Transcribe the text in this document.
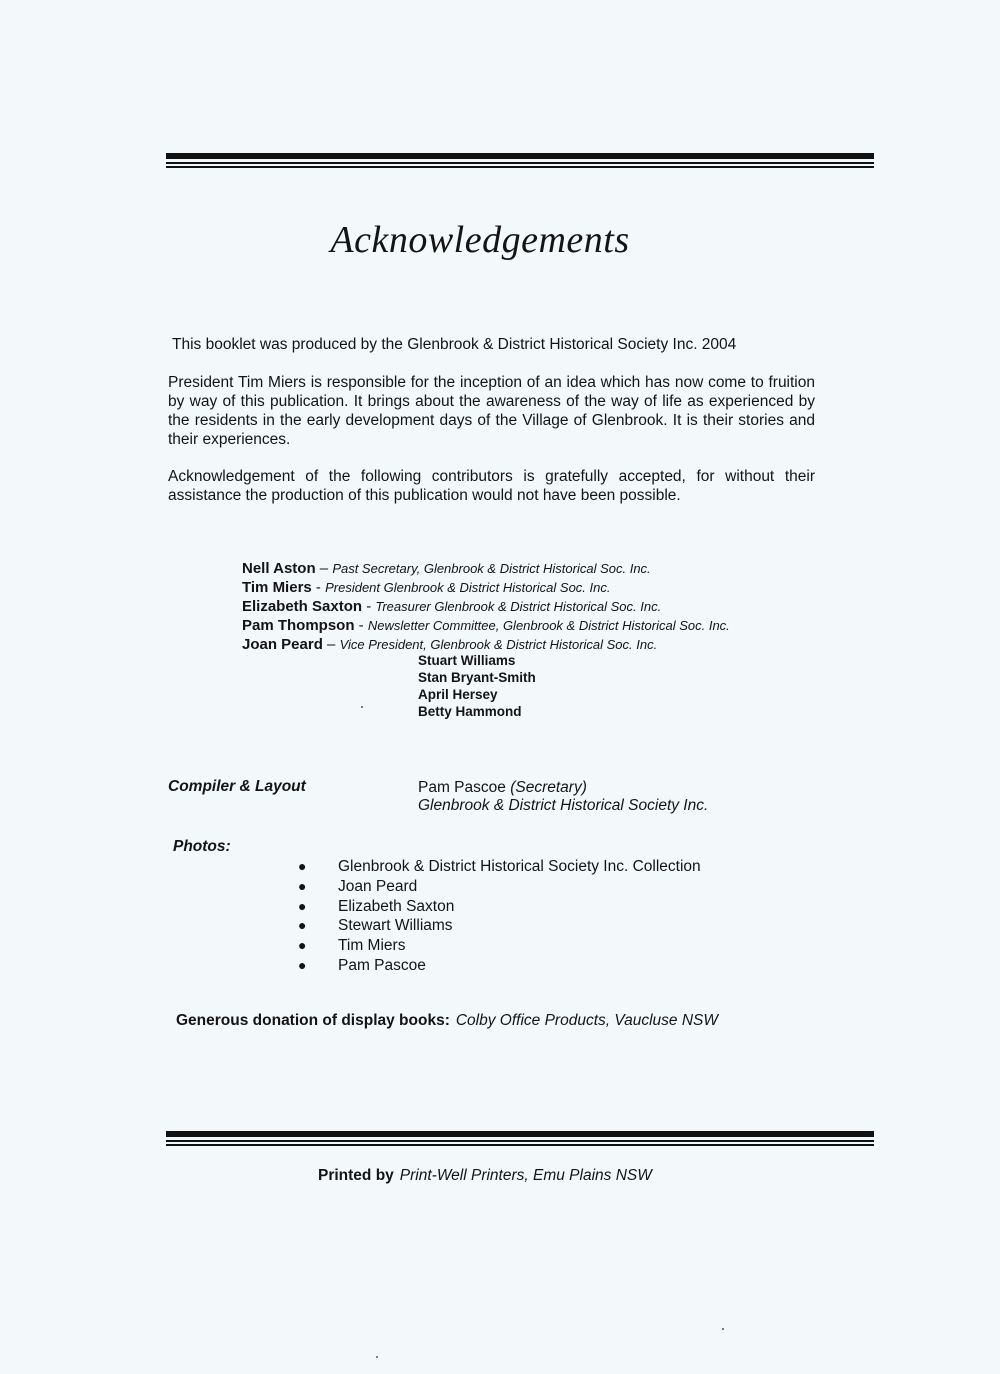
Acknowledgements

This booklet was produced by the Glenbrook & District Historical Society Inc. 2004

President Tim Miers is responsible for the inception of an idea which has now come to fruition by way of this publication. It brings about the awareness of the way of life as experienced by the residents in the early development days of the Village of Glenbrook. It is their stories and their experiences.

Acknowledgement of the following contributors is gratefully accepted, for without their assistance the production of this publication would not have been possible.

Nell Aston – Past Secretary, Glenbrook & District Historical Soc. Inc.
Tim Miers - President Glenbrook & District Historical Soc. Inc.
Elizabeth Saxton - Treasurer Glenbrook & District Historical Soc. Inc.
Pam Thompson - Newsletter Committee, Glenbrook & District Historical Soc. Inc.
Joan Peard – Vice President, Glenbrook & District Historical Soc. Inc.
Stuart Williams
Stan Bryant-Smith
April Hersey
Betty Hammond
Compiler & Layout	Pam Pascoe (Secretary)
Glenbrook & District Historical Society Inc.
Photos:
● Glenbrook & District Historical Society Inc. Collection
● Joan Peard
● Elizabeth Saxton
● Stewart Williams
● Tim Miers
● Pam Pascoe
Generous donation of display books: Colby Office Products, Vaucluse NSW
Printed by Print-Well Printers, Emu Plains NSW
